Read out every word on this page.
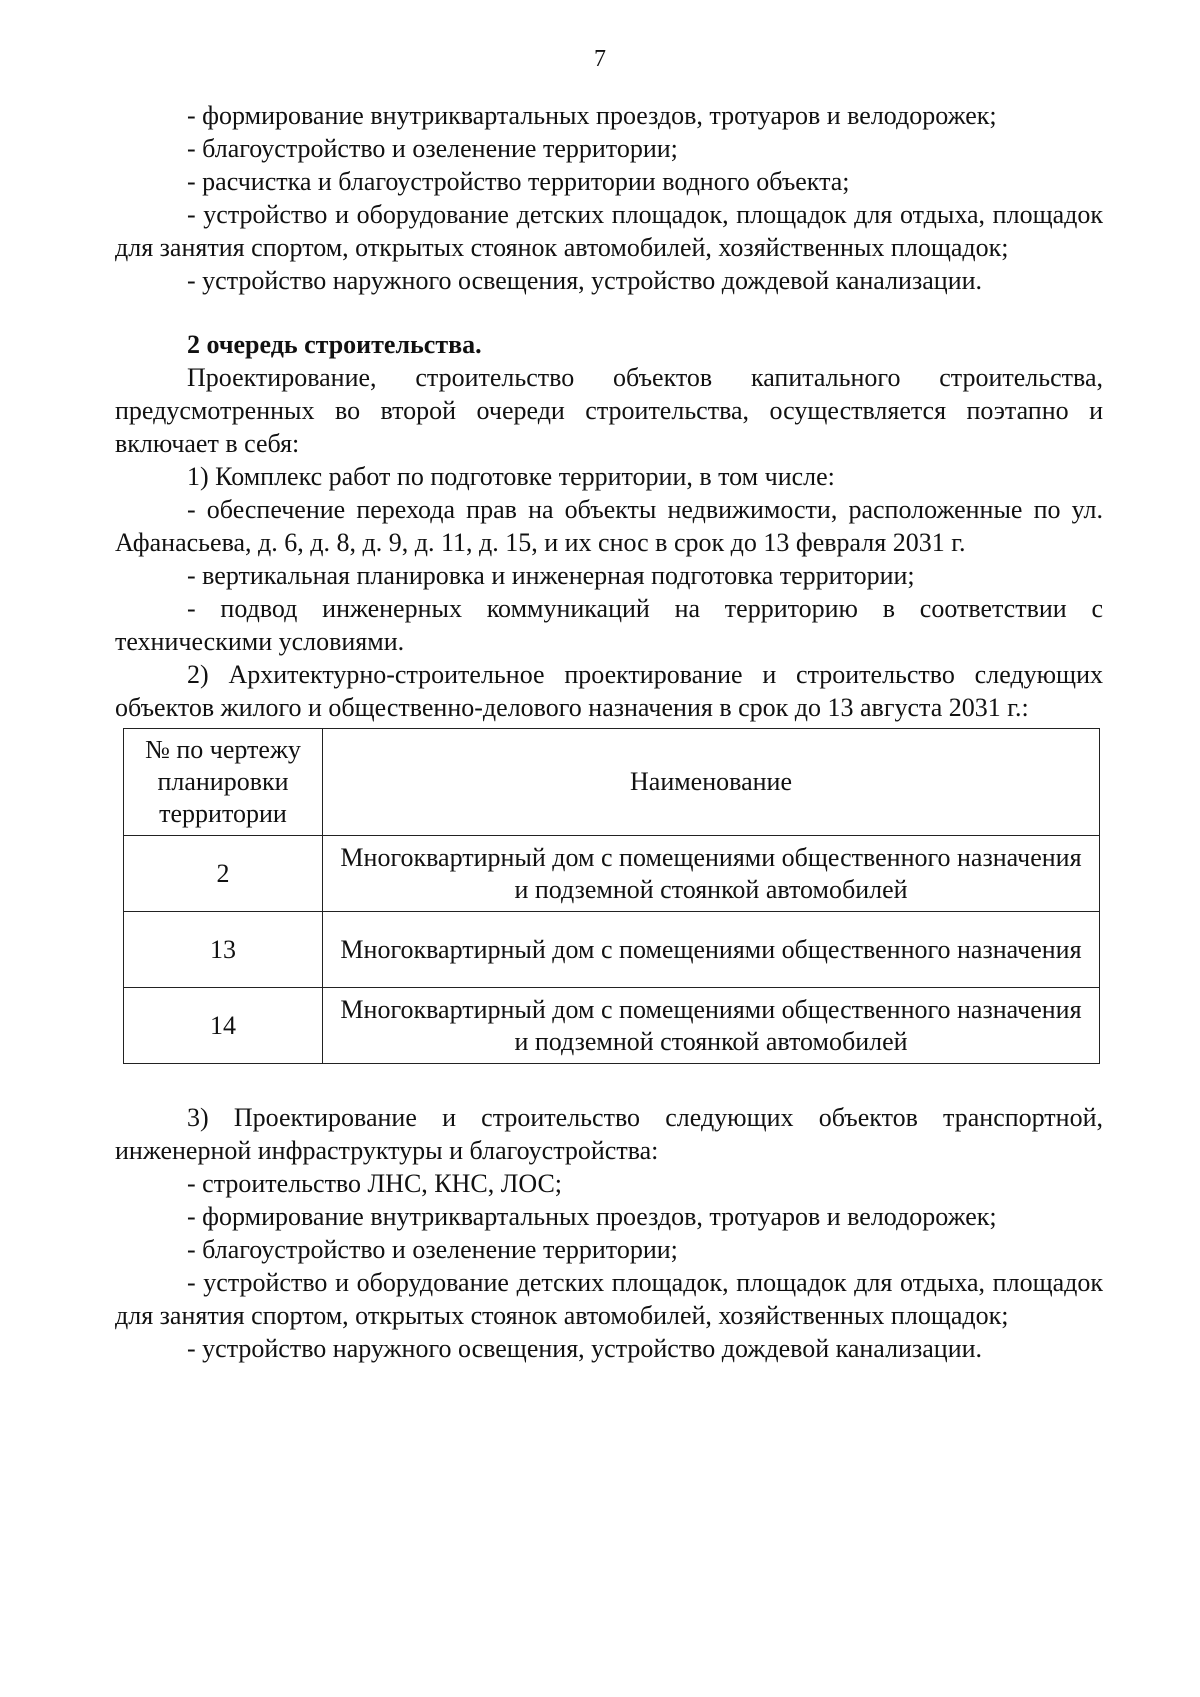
7

- формирование внутриквартальных проездов, тротуаров и велодорожек;

- благоустройство и озеленение территории;

- расчистка и благоустройство территории водного объекта;

- устройство и оборудование детских площадок, площадок для отдыха, площадок для занятия спортом, открытых стоянок автомобилей, хозяйственных площадок;

- устройство наружного освещения, устройство дождевой канализации.

2 очередь строительства.

Проектирование, строительство объектов капитального строительства, предусмотренных во второй очереди строительства, осуществляется поэтапно и включает в себя:

1) Комплекс работ по подготовке территории, в том числе:

- обеспечение перехода прав на объекты недвижимости, расположенные по ул. Афанасьева, д. 6, д. 8, д. 9, д. 11, д. 15, и их снос в срок до 13 февраля 2031 г.

- вертикальная планировка и инженерная подготовка территории;

- подвод инженерных коммуникаций на территорию в соответствии с техническими условиями.

2) Архитектурно-строительное проектирование и строительство следующих объектов жилого и общественно-делового назначения в срок до 13 августа 2031 г.:

№ по чертежу планировки территории	Наименование
2	Многоквартирный дом с помещениями общественного назначения и подземной стоянкой автомобилей
13	Многоквартирный дом с помещениями общественного назначения
14	Многоквартирный дом с помещениями общественного назначения и подземной стоянкой автомобилей

3) Проектирование и строительство следующих объектов транспортной, инженерной инфраструктуры и благоустройства:

- строительство ЛНС, КНС, ЛОС;

- формирование внутриквартальных проездов, тротуаров и велодорожек;

- благоустройство и озеленение территории;

- устройство и оборудование детских площадок, площадок для отдыха, площадок для занятия спортом, открытых стоянок автомобилей, хозяйственных площадок;

- устройство наружного освещения, устройство дождевой канализации.
